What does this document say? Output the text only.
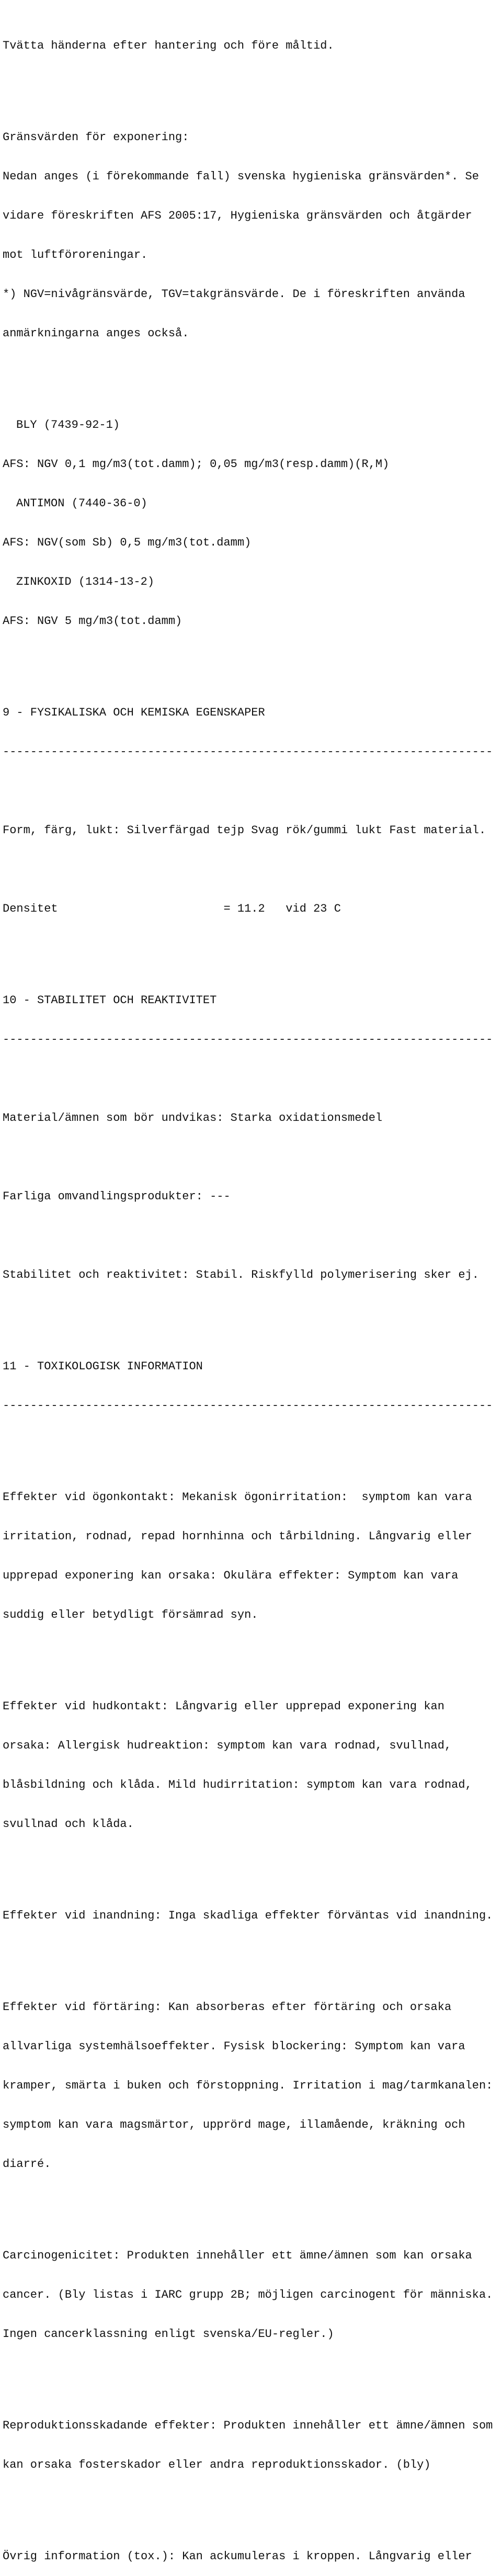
Tvätta händerna efter hantering och före måltid.

Gränsvärden för exponering:

Nedan anges (i förekommande fall) svenska hygieniska gränsvärden*. Se

vidare föreskriften AFS 2005:17, Hygieniska gränsvärden och åtgärder

mot luftföroreningar.

*) NGV=nivågränsvärde, TGV=takgränsvärde. De i föreskriften använda

anmärkningarna anges också.

BLY (7439-92-1)

AFS: NGV 0,1 mg/m3(tot.damm); 0,05 mg/m3(resp.damm)(R,M)

ANTIMON (7440-36-0)

AFS: NGV(som Sb) 0,5 mg/m3(tot.damm)

ZINKOXID (1314-13-2)

AFS: NGV 5 mg/m3(tot.damm)

9 - FYSIKALISKA OCH KEMISKA EGENSKAPER

-----------------------------------------------------------------------

Form, färg, lukt: Silverfärgad tejp Svag rök/gummi lukt Fast material.

Densitet                        = 11.2   vid 23 C

10 - STABILITET OCH REAKTIVITET

-----------------------------------------------------------------------

Material/ämnen som bör undvikas: Starka oxidationsmedel

Farliga omvandlingsprodukter: ---

Stabilitet och reaktivitet: Stabil. Riskfylld polymerisering sker ej.

11 - TOXIKOLOGISK INFORMATION

-----------------------------------------------------------------------

Effekter vid ögonkontakt: Mekanisk ögonirritation:  symptom kan vara

irritation, rodnad, repad hornhinna och tårbildning. Långvarig eller

upprepad exponering kan orsaka: Okulära effekter: Symptom kan vara

suddig eller betydligt försämrad syn.

Effekter vid hudkontakt: Långvarig eller upprepad exponering kan

orsaka: Allergisk hudreaktion: symptom kan vara rodnad, svullnad,

blåsbildning och klåda. Mild hudirritation: symptom kan vara rodnad,

svullnad och klåda.

Effekter vid inandning: Inga skadliga effekter förväntas vid inandning.

Effekter vid förtäring: Kan absorberas efter förtäring och orsaka

allvarliga systemhälsoeffekter. Fysisk blockering: Symptom kan vara

kramper, smärta i buken och förstoppning. Irritation i mag/tarmkanalen:

symptom kan vara magsmärtor, upprörd mage, illamående, kräkning och

diarré.

Carcinogenicitet: Produkten innehåller ett ämne/ämnen som kan orsaka

cancer. (Bly listas i IARC grupp 2B; möjligen carcinogent för människa.

Ingen cancerklassning enligt svenska/EU-regler.)

Reproduktionsskadande effekter: Produkten innehåller ett ämne/ämnen som

kan orsaka fosterskador eller andra reproduktionsskador. (bly)

Övrig information (tox.): Kan ackumuleras i kroppen. Långvarig eller
